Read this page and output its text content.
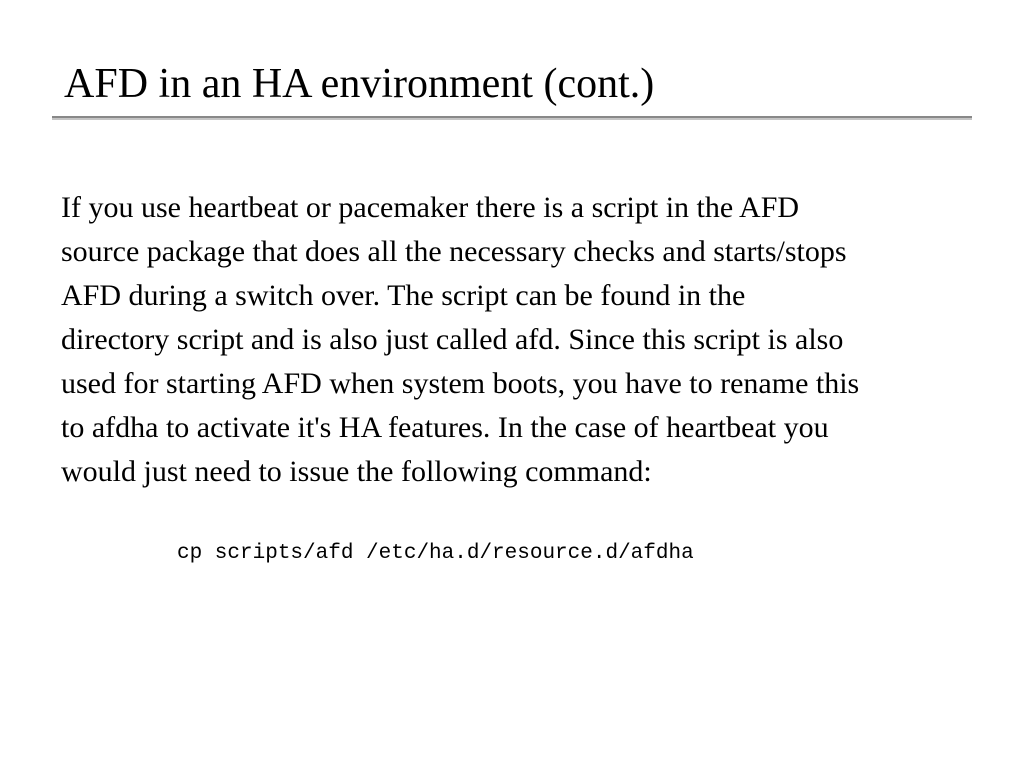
AFD in an HA environment (cont.)

If you use heartbeat or pacemaker there is a script in the AFD
source package that does all the necessary checks and starts/stops
AFD during a switch over. The script can be found in the
directory script and is also just called afd. Since this script is also
used for starting AFD when system boots, you have to rename this
to afdha to activate it's HA features. In the case of heartbeat you
would just need to issue the following command:

cp scripts/afd /etc/ha.d/resource.d/afdha
